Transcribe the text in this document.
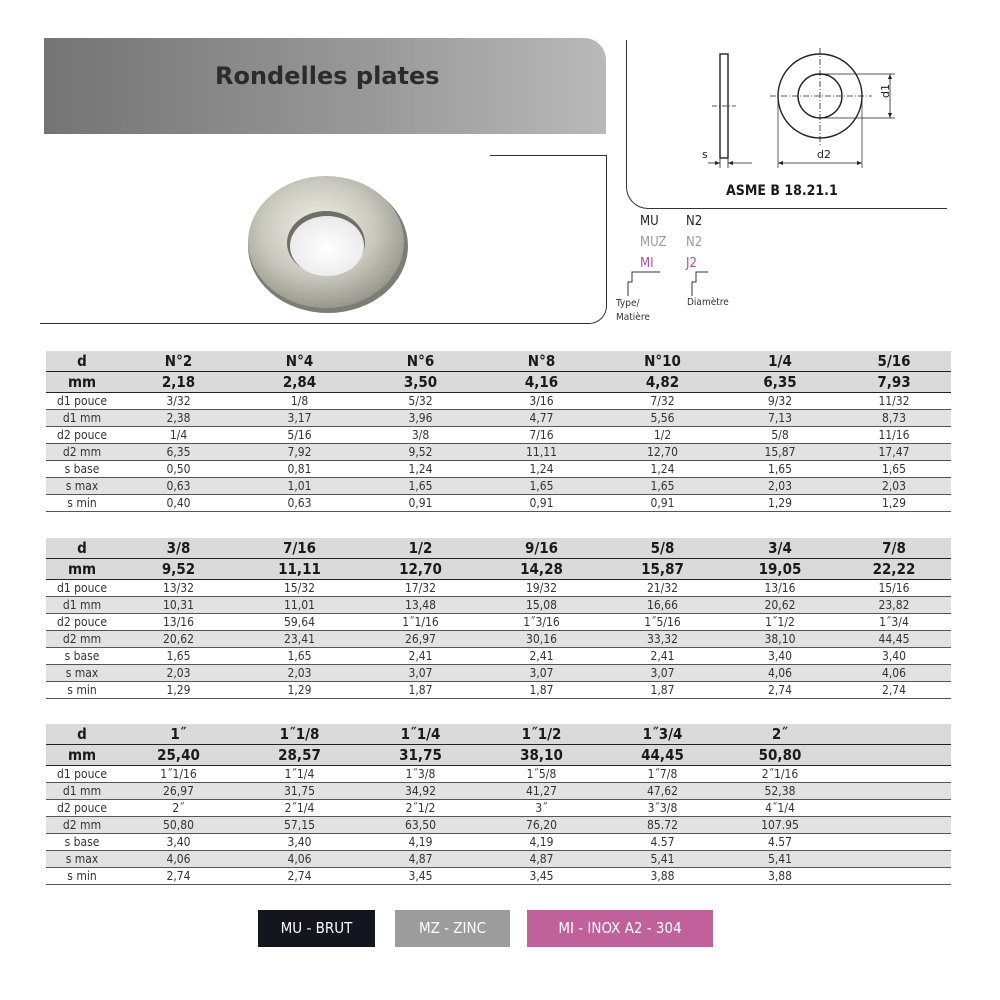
Rondelles plates
s
d1
d2
ASME B 18.21.1
MU N2
MUZ N2
MI J2
Type/
Matière
Diamètre
d	N°2	N°4	N°6	N°8	N°10	1/4	5/16
mm	2,18	2,84	3,50	4,16	4,82	6,35	7,93
d1 pouce	3/32	1/8	5/32	3/16	7/32	9/32	11/32
d1 mm	2,38	3,17	3,96	4,77	5,56	7,13	8,73
d2 pouce	1/4	5/16	3/8	7/16	1/2	5/8	11/16
d2 mm	6,35	7,92	9,52	11,11	12,70	15,87	17,47
s base	0,50	0,81	1,24	1,24	1,24	1,65	1,65
s max	0,63	1,01	1,65	1,65	1,65	2,03	2,03
s min	0,40	0,63	0,91	0,91	0,91	1,29	1,29
d	3/8	7/16	1/2	9/16	5/8	3/4	7/8
mm	9,52	11,11	12,70	14,28	15,87	19,05	22,22
d1 pouce	13/32	15/32	17/32	19/32	21/32	13/16	15/16
d1 mm	10,31	11,01	13,48	15,08	16,66	20,62	23,82
d2 pouce	13/16	59,64	1˝1/16	1˝3/16	1˝5/16	1˝1/2	1˝3/4
d2 mm	20,62	23,41	26,97	30,16	33,32	38,10	44,45
s base	1,65	1,65	2,41	2,41	2,41	3,40	3,40
s max	2,03	2,03	3,07	3,07	3,07	4,06	4,06
s min	1,29	1,29	1,87	1,87	1,87	2,74	2,74
d	1˝	1˝1/8	1˝1/4	1˝1/2	1˝3/4	2˝	
mm	25,40	28,57	31,75	38,10	44,45	50,80	
d1 pouce	1˝1/16	1˝1/4	1˝3/8	1˝5/8	1˝7/8	2˝1/16	
d1 mm	26,97	31,75	34,92	41,27	47,62	52,38	
d2 pouce	2˝	2˝1/4	2˝1/2	3˝	3˝3/8	4˝1/4	
d2 mm	50,80	57,15	63,50	76,20	85.72	107.95	
s base	3,40	3,40	4,19	4,19	4.57	4.57	
s max	4,06	4,06	4,87	4,87	5,41	5,41	
s min	2,74	2,74	3,45	3,45	3,88	3,88	
MU - BRUT	MZ - ZINC	MI - INOX A2 - 304
